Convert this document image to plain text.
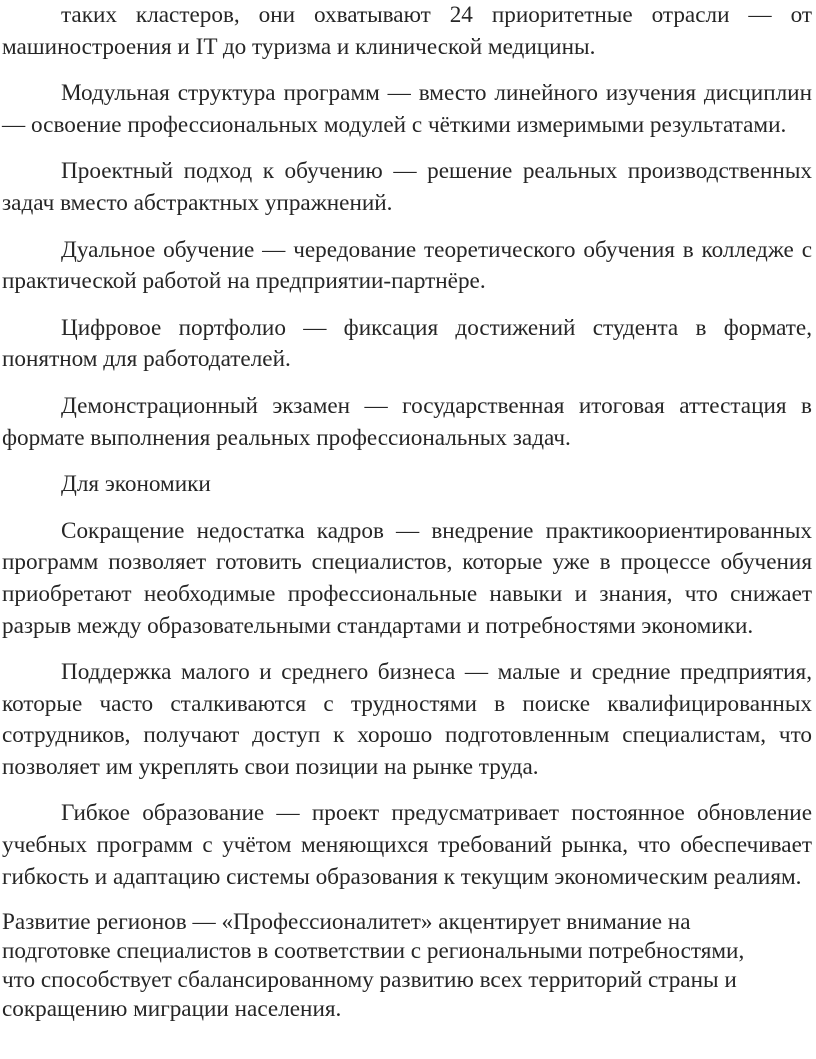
таких кластеров, они охватывают 24 приоритетные отрасли — от машиностроения и IT до туризма и клинической медицины.

Модульная структура программ — вместо линейного изучения дисциплин — освоение профессиональных модулей с чёткими измеримыми результатами.

Проектный подход к обучению — решение реальных производственных задач вместо абстрактных упражнений.

Дуальное обучение — чередование теоретического обучения в колледже с практической работой на предприятии-партнёре.

Цифровое портфолио — фиксация достижений студента в формате, понятном для работодателей.

Демонстрационный экзамен — государственная итоговая аттестация в формате выполнения реальных профессиональных задач.

Для экономики

Сокращение недостатка кадров — внедрение практикоориентированных программ позволяет готовить специалистов, которые уже в процессе обучения приобретают необходимые профессиональные навыки и знания, что снижает разрыв между образовательными стандартами и потребностями экономики.

Поддержка малого и среднего бизнеса — малые и средние предприятия, которые часто сталкиваются с трудностями в поиске квалифицированных сотрудников, получают доступ к хорошо подготовленным специалистам, что позволяет им укреплять свои позиции на рынке труда.

Гибкое образование — проект предусматривает постоянное обновление учебных программ с учётом меняющихся требований рынка, что обеспечивает гибкость и адаптацию системы образования к текущим экономическим реалиям.

Развитие регионов — «Профессионалитет» акцентирует внимание на подготовке специалистов в соответствии с региональными потребностями, что способствует сбалансированному развитию всех территорий страны и сокращению миграции населения.
